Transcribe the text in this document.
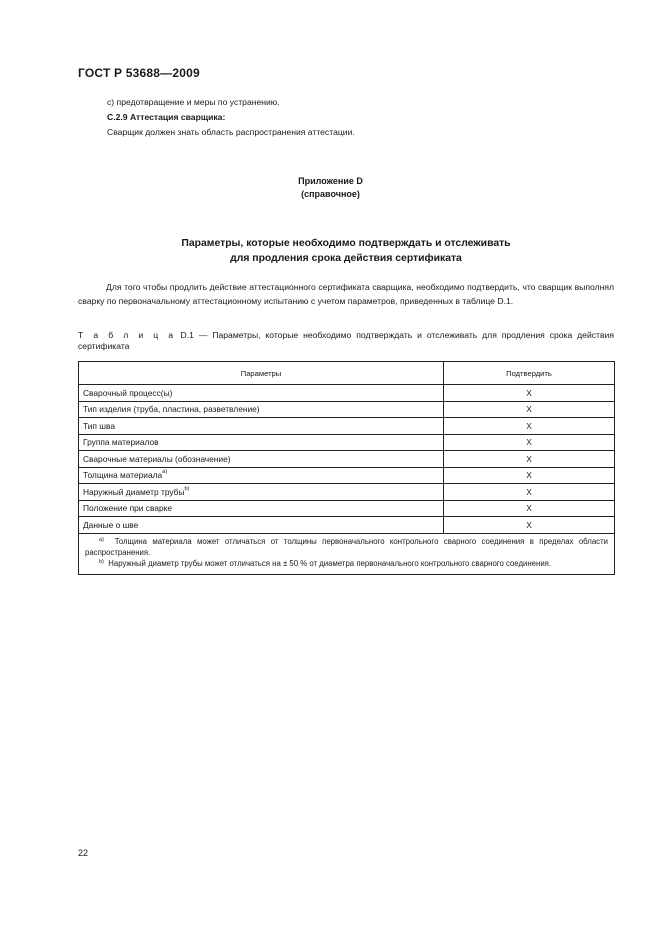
ГОСТ Р 53688—2009
c) предотвращение и меры по устранению.
C.2.9 Аттестация сварщика:
Сварщик должен знать область распространения аттестации.
Приложение D
(справочное)
Параметры, которые необходимо подтверждать и отслеживать
для продления срока действия сертификата
Для того чтобы продлить действие аттестационного сертификата сварщика, необходимо подтвердить, что сварщик выполнял сварку по первоначальному аттестационному испытанию с учетом параметров, приведенных в таблице D.1.
Т а б л и ц а D.1 — Параметры, которые необходимо подтверждать и отслеживать для продления срока действия сертификата
Параметры	Подтвердить
Сварочный процесс(ы)	X
Тип изделия (труба, пластина, разветвление)	X
Тип шва	X
Группа материалов	X
Сварочные материалы (обозначение)	X
Толщина материала$^{a)}$	X
Наружный диаметр трубы$^{b)}$	X
Положение при сварке	X
Данные о шве	X

$^{a)}$ Толщина материала может отличаться от толщины первоначального контрольного сварного соединения в пределах области распространения.
$^{b)}$ Наружный диаметр трубы может отличаться на ± 50 % от диаметра первоначального контрольного сварного соединения.	
22
